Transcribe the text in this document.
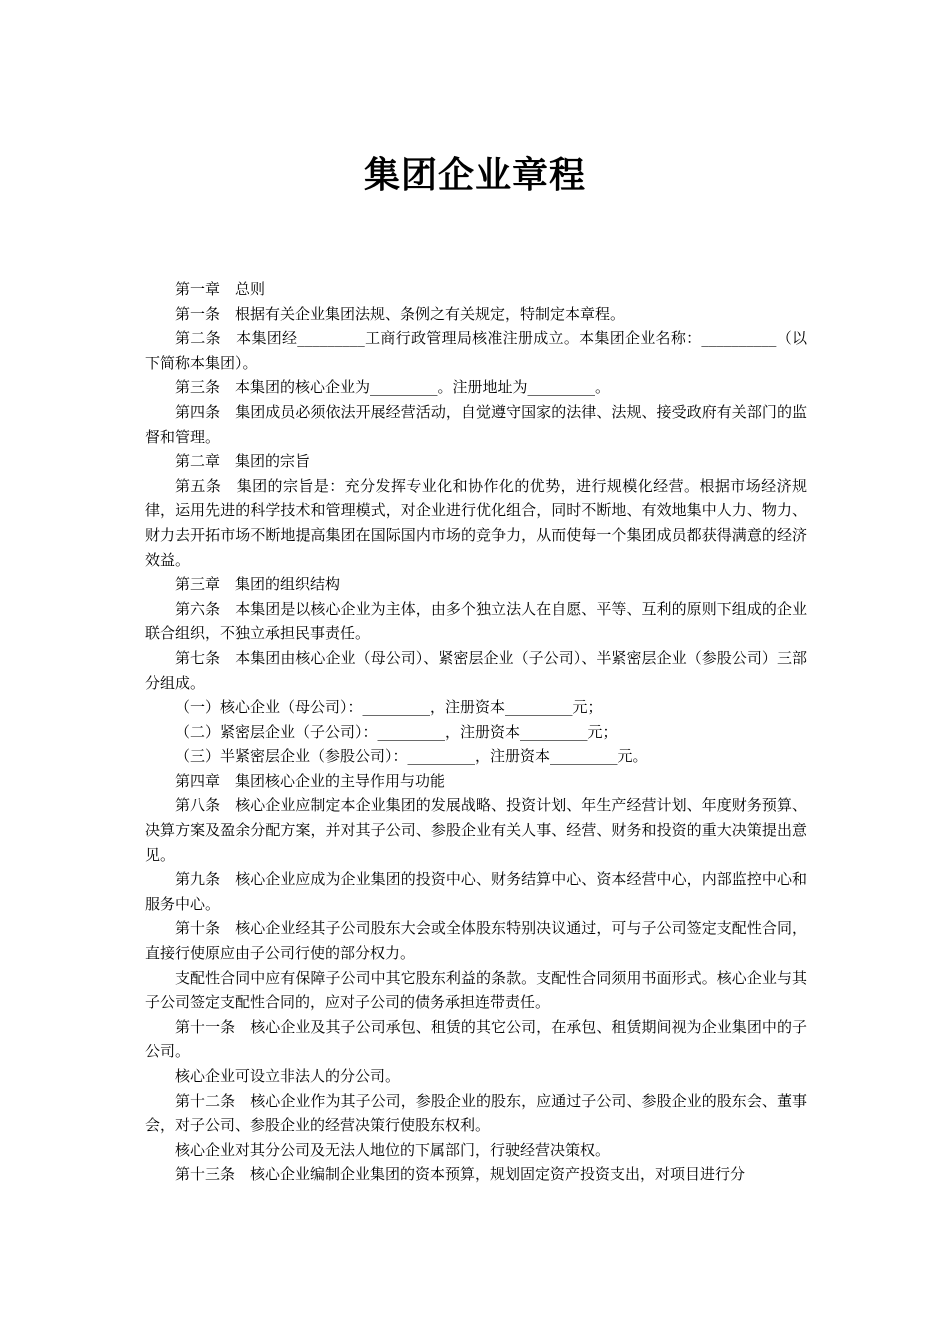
集团企业章程

第一章　总则

第一条　根据有关企业集团法规、条例之有关规定，特制定本章程。

第二条　本集团经_________工商行政管理局核准注册成立。本集团企业名称：__________（以下简称本集团）。

第三条　本集团的核心企业为_________。注册地址为_________。

第四条　集团成员必须依法开展经营活动，自觉遵守国家的法律、法规、接受政府有关部门的监督和管理。

第二章　集团的宗旨

第五条　集团的宗旨是：充分发挥专业化和协作化的优势，进行规模化经营。根据市场经济规律，运用先进的科学技术和管理模式，对企业进行优化组合，同时不断地、有效地集中人力、物力、财力去开拓市场不断地提高集团在国际国内市场的竞争力，从而使每一个集团成员都获得满意的经济效益。

第三章　集团的组织结构

第六条　本集团是以核心企业为主体，由多个独立法人在自愿、平等、互利的原则下组成的企业联合组织，不独立承担民事责任。

第七条　本集团由核心企业（母公司）、紧密层企业（子公司）、半紧密层企业（参股公司）三部分组成。

（一）核心企业（母公司）：_________，注册资本_________元；

（二）紧密层企业（子公司）：_________，注册资本_________元；

（三）半紧密层企业（参股公司）：_________，注册资本_________元。

第四章　集团核心企业的主导作用与功能

第八条　核心企业应制定本企业集团的发展战略、投资计划、年生产经营计划、年度财务预算、决算方案及盈余分配方案，并对其子公司、参股企业有关人事、经营、财务和投资的重大决策提出意见。

第九条　核心企业应成为企业集团的投资中心、财务结算中心、资本经营中心，内部监控中心和服务中心。

第十条　核心企业经其子公司股东大会或全体股东特别决议通过，可与子公司签定支配性合同，直接行使原应由子公司行使的部分权力。

支配性合同中应有保障子公司中其它股东利益的条款。支配性合同须用书面形式。核心企业与其子公司签定支配性合同的，应对子公司的债务承担连带责任。

第十一条　核心企业及其子公司承包、租赁的其它公司，在承包、租赁期间视为企业集团中的子公司。

核心企业可设立非法人的分公司。

第十二条　核心企业作为其子公司，参股企业的股东，应通过子公司、参股企业的股东会、董事会，对子公司、参股企业的经营决策行使股东权利。

核心企业对其分公司及无法人地位的下属部门，行驶经营决策权。

第十三条　核心企业编制企业集团的资本预算，规划固定资产投资支出，对项目进行分
